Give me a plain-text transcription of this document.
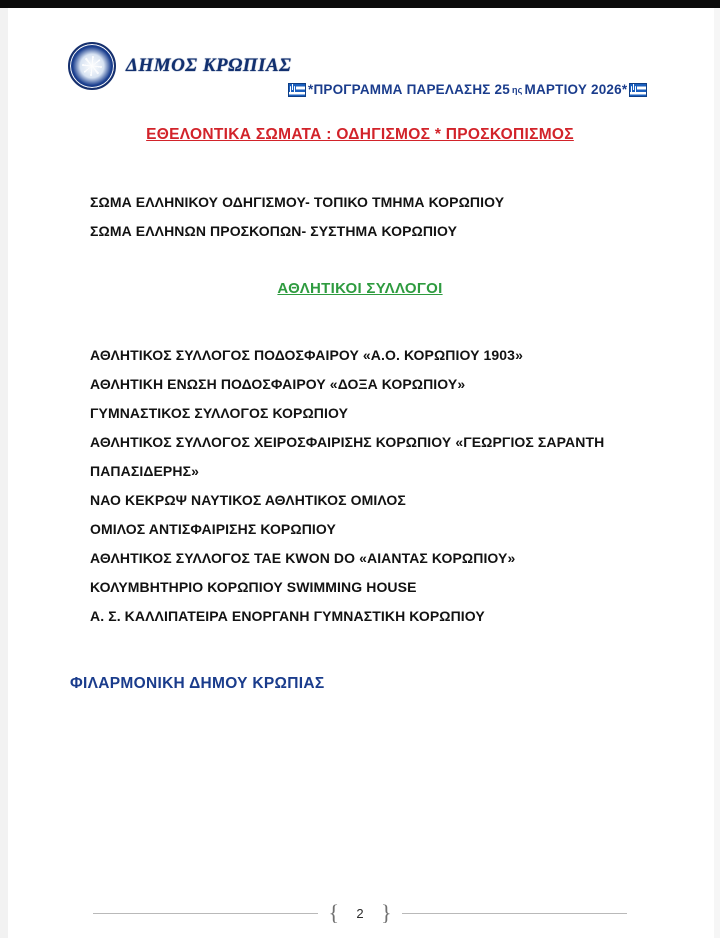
ΔΗΜΟΣ ΚΡΩΠΙΑΣ
*ΠΡΟΓΡΑΜΜΑ ΠΑΡΕΛΑΣΗΣ 25 ης ΜΑΡΤΙΟΥ 2026*
ΕΘΕΛΟΝΤΙΚΑ ΣΩΜΑΤΑ : ΟΔΗΓΙΣΜΟΣ * ΠΡΟΣΚΟΠΙΣΜΟΣ
ΣΩΜΑ ΕΛΛΗΝΙΚΟΥ ΟΔΗΓΙΣΜΟΥ- ΤΟΠΙΚΟ ΤΜΗΜΑ ΚΟΡΩΠΙΟΥ
ΣΩΜΑ ΕΛΛΗΝΩΝ ΠΡΟΣΚΟΠΩΝ- ΣΥΣΤΗΜΑ ΚΟΡΩΠΙΟΥ
ΑΘΛΗΤΙΚΟΙ ΣΥΛΛΟΓΟΙ
ΑΘΛΗΤΙΚΟΣ ΣΥΛΛΟΓΟΣ ΠΟΔΟΣΦΑΙΡΟΥ «Α.Ο. ΚΟΡΩΠΙΟΥ 1903»
ΑΘΛΗΤΙΚΗ ΕΝΩΣΗ ΠΟΔΟΣΦΑΙΡΟΥ «ΔΟΞΑ ΚΟΡΩΠΙΟΥ»
ΓΥΜΝΑΣΤΙΚΟΣ ΣΥΛΛΟΓΟΣ ΚΟΡΩΠΙΟΥ
ΑΘΛΗΤΙΚΟΣ ΣΥΛΛΟΓΟΣ ΧΕΙΡΟΣΦΑΙΡΙΣΗΣ ΚΟΡΩΠΙΟΥ «ΓΕΩΡΓΙΟΣ ΣΑΡΑΝΤΗ
ΠΑΠΑΣΙΔΕΡΗΣ»
ΝΑΟ ΚΕΚΡΩΨ ΝΑΥΤΙΚΟΣ ΑΘΛΗΤΙΚΟΣ ΟΜΙΛΟΣ
ΟΜΙΛΟΣ ΑΝΤΙΣΦΑΙΡΙΣΗΣ ΚΟΡΩΠΙΟΥ
ΑΘΛΗΤΙΚΟΣ ΣΥΛΛΟΓΟΣ ΤΑΕ KWON DO «ΑΙΑΝΤΑΣ ΚΟΡΩΠΙΟΥ»
ΚΟΛΥΜΒΗΤΗΡΙΟ ΚΟΡΩΠΙΟΥ SWIMMING HOUSE
Α. Σ. ΚΑΛΛΙΠΑΤΕΙΡΑ ΕΝΟΡΓΑΝΗ ΓΥΜΝΑΣΤΙΚΗ ΚΟΡΩΠΙΟΥ
ΦΙΛΑΡΜΟΝΙΚΗ ΔΗΜΟΥ ΚΡΩΠΙΑΣ
{	2 }
